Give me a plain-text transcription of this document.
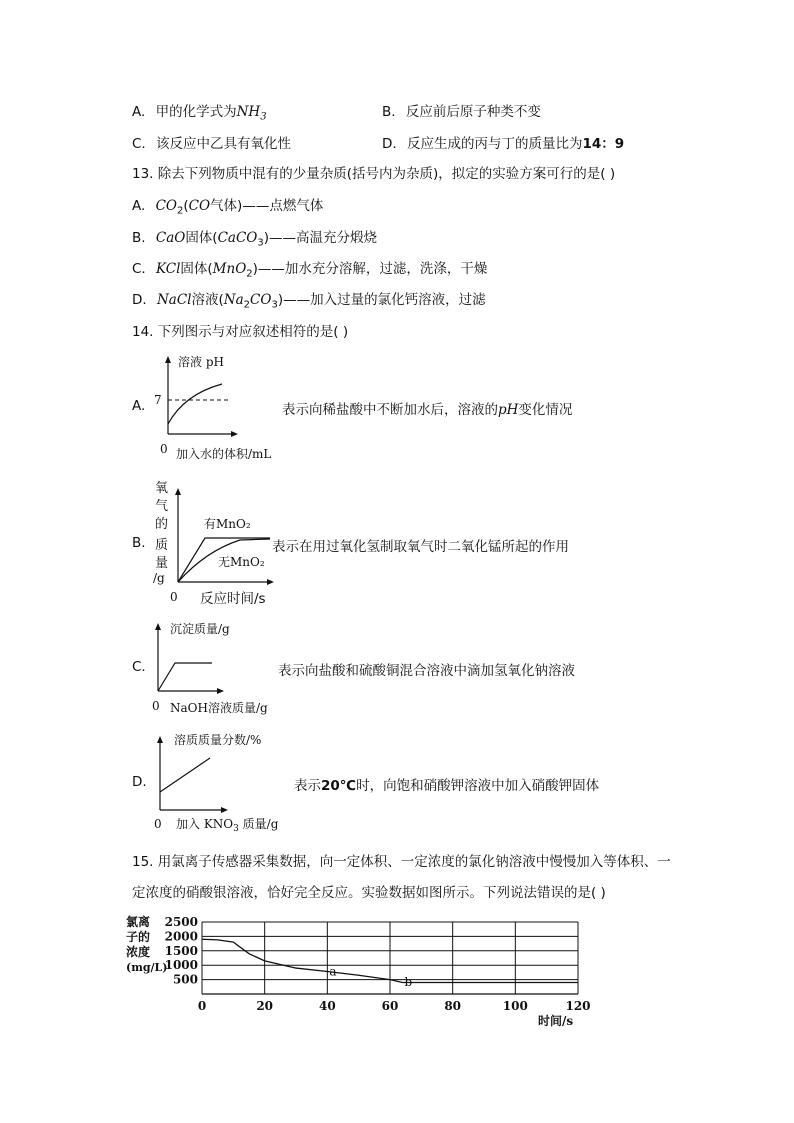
A. 甲的化学式为$NH_3$	B. 反应前后原子种类不变
C. 该反应中乙具有氧化性	D. 反应生成的丙与丁的质量比为14：9
13. 除去下列物质中混有的少量杂质(括号内为杂质)，拟定的实验方案可行的是( )
A. $CO_2(CO$气体)——点燃气体
B. CaO固体(CaCO$_3$)——高温充分煅烧
C. KCl固体(MnO$_2$)——加水充分溶解，过滤，洗涤，干燥
D. NaCl溶液$(Na_2CO_3)——$加入过量的氯化钙溶液，过滤
14. 下列图示与对应叙述相符的是( )
A. 7
溶液 pH
0 加入水的体积/mL
表示向稀盐酸中不断加水后，溶液的pH变化情况
B.
氧
气
的
质
量
/g
有MnO₂
无MnO₂
0 反应时间/s
表示在用过氧化氢制取氧气时二氧化锰所起的作用
C.
沉淀质量/g
0 NaOH溶液质量/g
表示向盐酸和硫酸铜混合溶液中滴加氢氧化钠溶液
D.
溶质质量分数/%
0 加入 $KNO_3$ 质量/g
表示20℃时，向饱和硝酸钾溶液中加入硝酸钾固体
15. 用氯离子传感器采集数据，向一定体积、一定浓度的氯化钠溶液中慢慢加入等体积、一
定浓度的硝酸银溶液，恰好完全反应。实验数据如图所示。下列说法错误的是( )
氯离
子的
浓度
(mg/L)
2500
2000
1500
1000
500
0	20	40	60	80	100	120
a
b
时间/s
